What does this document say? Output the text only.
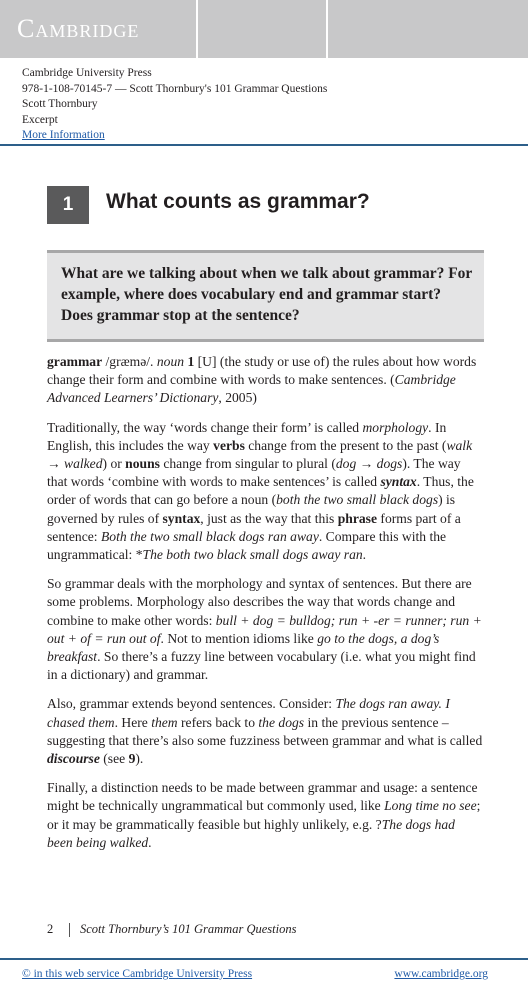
Cambridge
Cambridge University Press
978-1-108-70145-7 — Scott Thornbury's 101 Grammar Questions
Scott Thornbury
Excerpt
More Information
1	What counts as grammar?

What are we talking about when we talk about grammar? For example, where does vocabulary end and grammar start? Does grammar stop at the sentence?

grammar /græmə/. noun 1 [U] (the study or use of) the rules about how words change their form and combine with words to make sentences. (Cambridge Advanced Learners’ Dictionary, 2005)

Traditionally, the way ‘words change their form’ is called morphology. In English, this includes the way verbs change from the present to the past (walk → walked) or nouns change from singular to plural (dog → dogs). The way that words ‘combine with words to make sentences’ is called syntax. Thus, the order of words that can go before a noun (both the two small black dogs) is governed by rules of syntax, just as the way that this phrase forms part of a sentence: Both the two small black dogs ran away. Compare this with the ungrammatical: *The both two black small dogs away ran.

So grammar deals with the morphology and syntax of sentences. But there are some problems. Morphology also describes the way that words change and combine to make other words: bull + dog = bulldog; run + -er = runner; run + out + of = run out of. Not to mention idioms like go to the dogs, a dog’s breakfast. So there’s a fuzzy line between vocabulary (i.e. what you might find in a dictionary) and grammar.

Also, grammar extends beyond sentences. Consider: The dogs ran away. I chased them. Here them refers back to the dogs in the previous sentence – suggesting that there’s also some fuzziness between grammar and what is called discourse (see 9).

Finally, a distinction needs to be made between grammar and usage: a sentence might be technically ungrammatical but commonly used, like Long time no see; or it may be grammatically feasible but highly unlikely, e.g. ?The dogs had been being walked.

2 Scott Thornbury’s 101 Grammar Questions
© in this web service Cambridge University Press	www.cambridge.org
